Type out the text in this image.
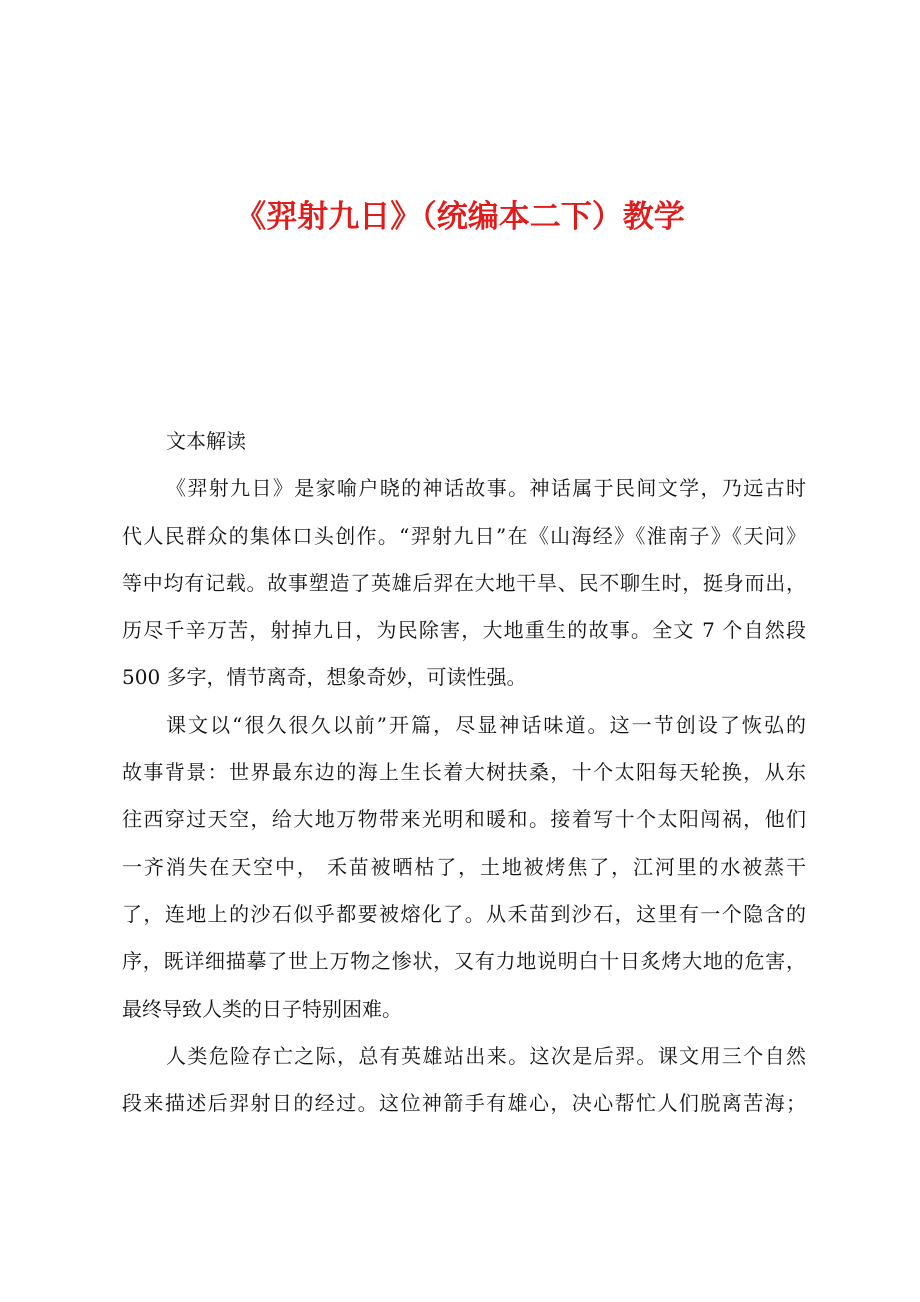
《羿射九日》（统编本二下）教学
文本解读
《羿射九日》是家喻户晓的神话故事。神话属于民间文学，乃远古时
代人民群众的集体口头创作。“羿射九日”在《山海经》《淮南子》《天问》
等中均有记载。故事塑造了英雄后羿在大地干旱、民不聊生时，挺身而出，
历尽千辛万苦，射掉九日，为民除害，大地重生的故事。全文 7 个自然段
500 多字，情节离奇，想象奇妙，可读性强。
课文以“很久很久以前”开篇，尽显神话味道。这一节创设了恢弘的
故事背景：世界最东边的海上生长着大树扶桑，十个太阳每天轮换，从东
往西穿过天空，给大地万物带来光明和暖和。接着写十个太阳闯祸，他们
一齐消失在天空中， 禾苗被晒枯了，土地被烤焦了，江河里的水被蒸干
了，连地上的沙石似乎都要被熔化了。从禾苗到沙石，这里有一个隐含的
序，既详细描摹了世上万物之惨状，又有力地说明白十日炙烤大地的危害，
最终导致人类的日子特别困难。
人类危险存亡之际，总有英雄站出来。这次是后羿。课文用三个自然
段来描述后羿射日的经过。这位神箭手有雄心，决心帮忙人们脱离苦海；
